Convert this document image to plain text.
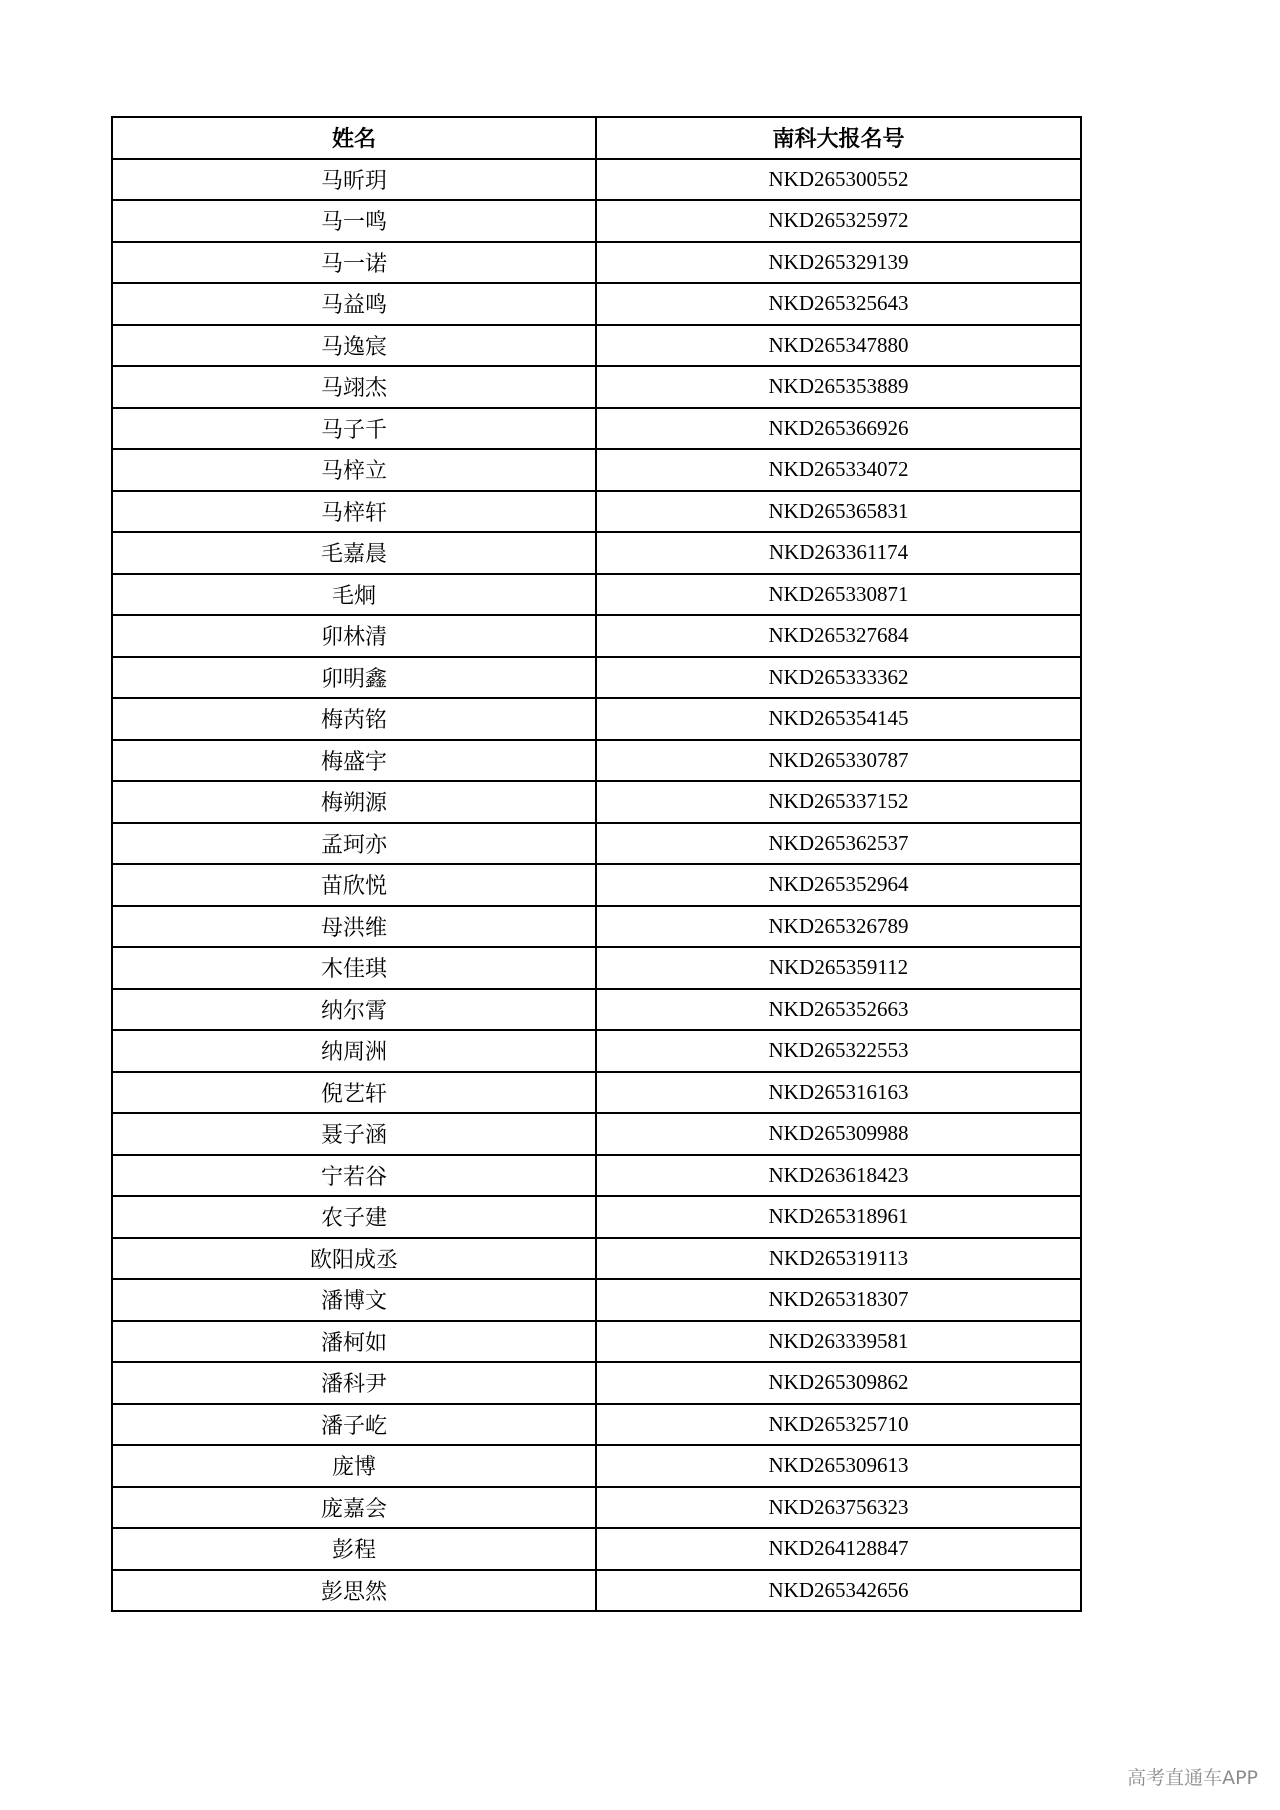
姓名	南科大报名号
马昕玥	NKD265300552
马一鸣	NKD265325972
马一诺	NKD265329139
马益鸣	NKD265325643
马逸宸	NKD265347880
马翊杰	NKD265353889
马子千	NKD265366926
马梓立	NKD265334072
马梓轩	NKD265365831
毛嘉晨	NKD263361174
毛炯	NKD265330871
卯林清	NKD265327684
卯明鑫	NKD265333362
梅芮铭	NKD265354145
梅盛宇	NKD265330787
梅朔源	NKD265337152
孟珂亦	NKD265362537
苗欣悦	NKD265352964
母洪维	NKD265326789
木佳琪	NKD265359112
纳尔霄	NKD265352663
纳周洲	NKD265322553
倪艺轩	NKD265316163
聂子涵	NKD265309988
宁若谷	NKD263618423
农子建	NKD265318961
欧阳成丞	NKD265319113
潘博文	NKD265318307
潘柯如	NKD263339581
潘科尹	NKD265309862
潘子屹	NKD265325710
庞博	NKD265309613
庞嘉会	NKD263756323
彭程	NKD264128847
彭思然	NKD265342656
高考直通车APP
